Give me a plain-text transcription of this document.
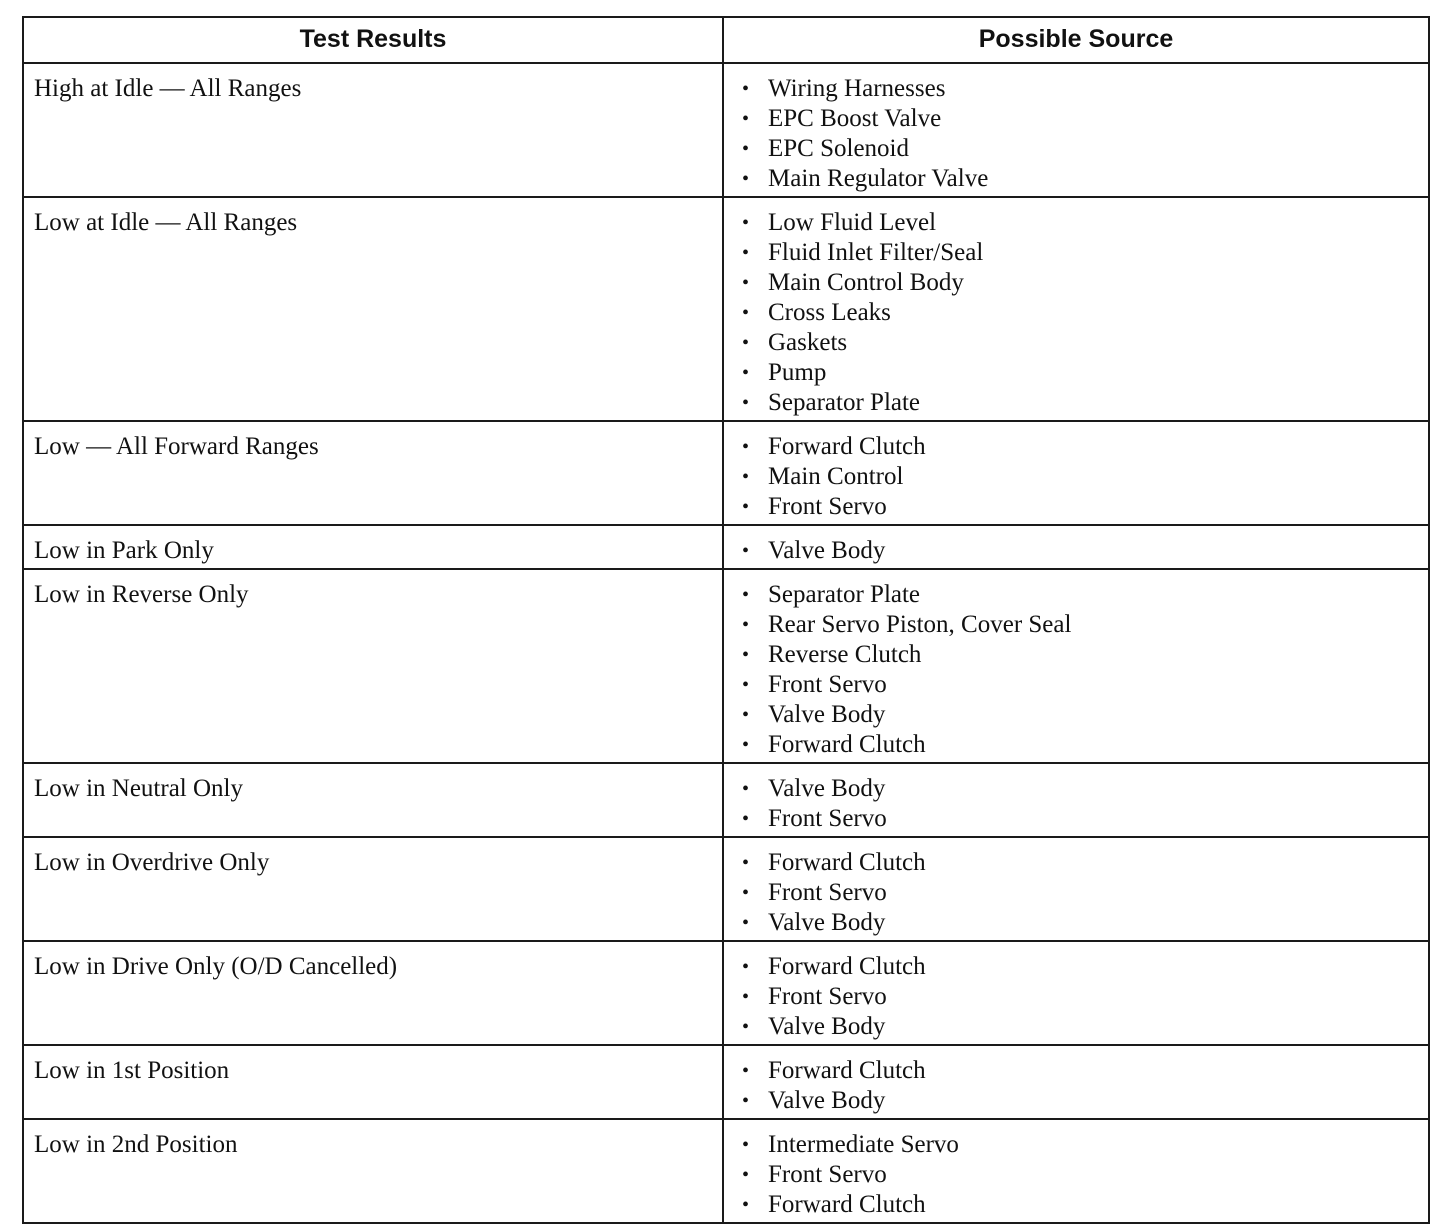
Test Results	Possible Source
High at Idle — All Ranges	• Wiring Harnesses
• EPC Boost Valve
• EPC Solenoid
• Main Regulator Valve
Low at Idle — All Ranges	• Low Fluid Level
• Fluid Inlet Filter/Seal
• Main Control Body
• Cross Leaks
• Gaskets
• Pump
• Separator Plate
Low — All Forward Ranges	• Forward Clutch
• Main Control
• Front Servo
Low in Park Only	• Valve Body
Low in Reverse Only	• Separator Plate
• Rear Servo Piston, Cover Seal
• Reverse Clutch
• Front Servo
• Valve Body
• Forward Clutch
Low in Neutral Only	• Valve Body
• Front Servo
Low in Overdrive Only	• Forward Clutch
• Front Servo
• Valve Body
Low in Drive Only (O/D Cancelled)	• Forward Clutch
• Front Servo
• Valve Body
Low in 1st Position	• Forward Clutch
• Valve Body
Low in 2nd Position	• Intermediate Servo
• Front Servo
• Forward Clutch
